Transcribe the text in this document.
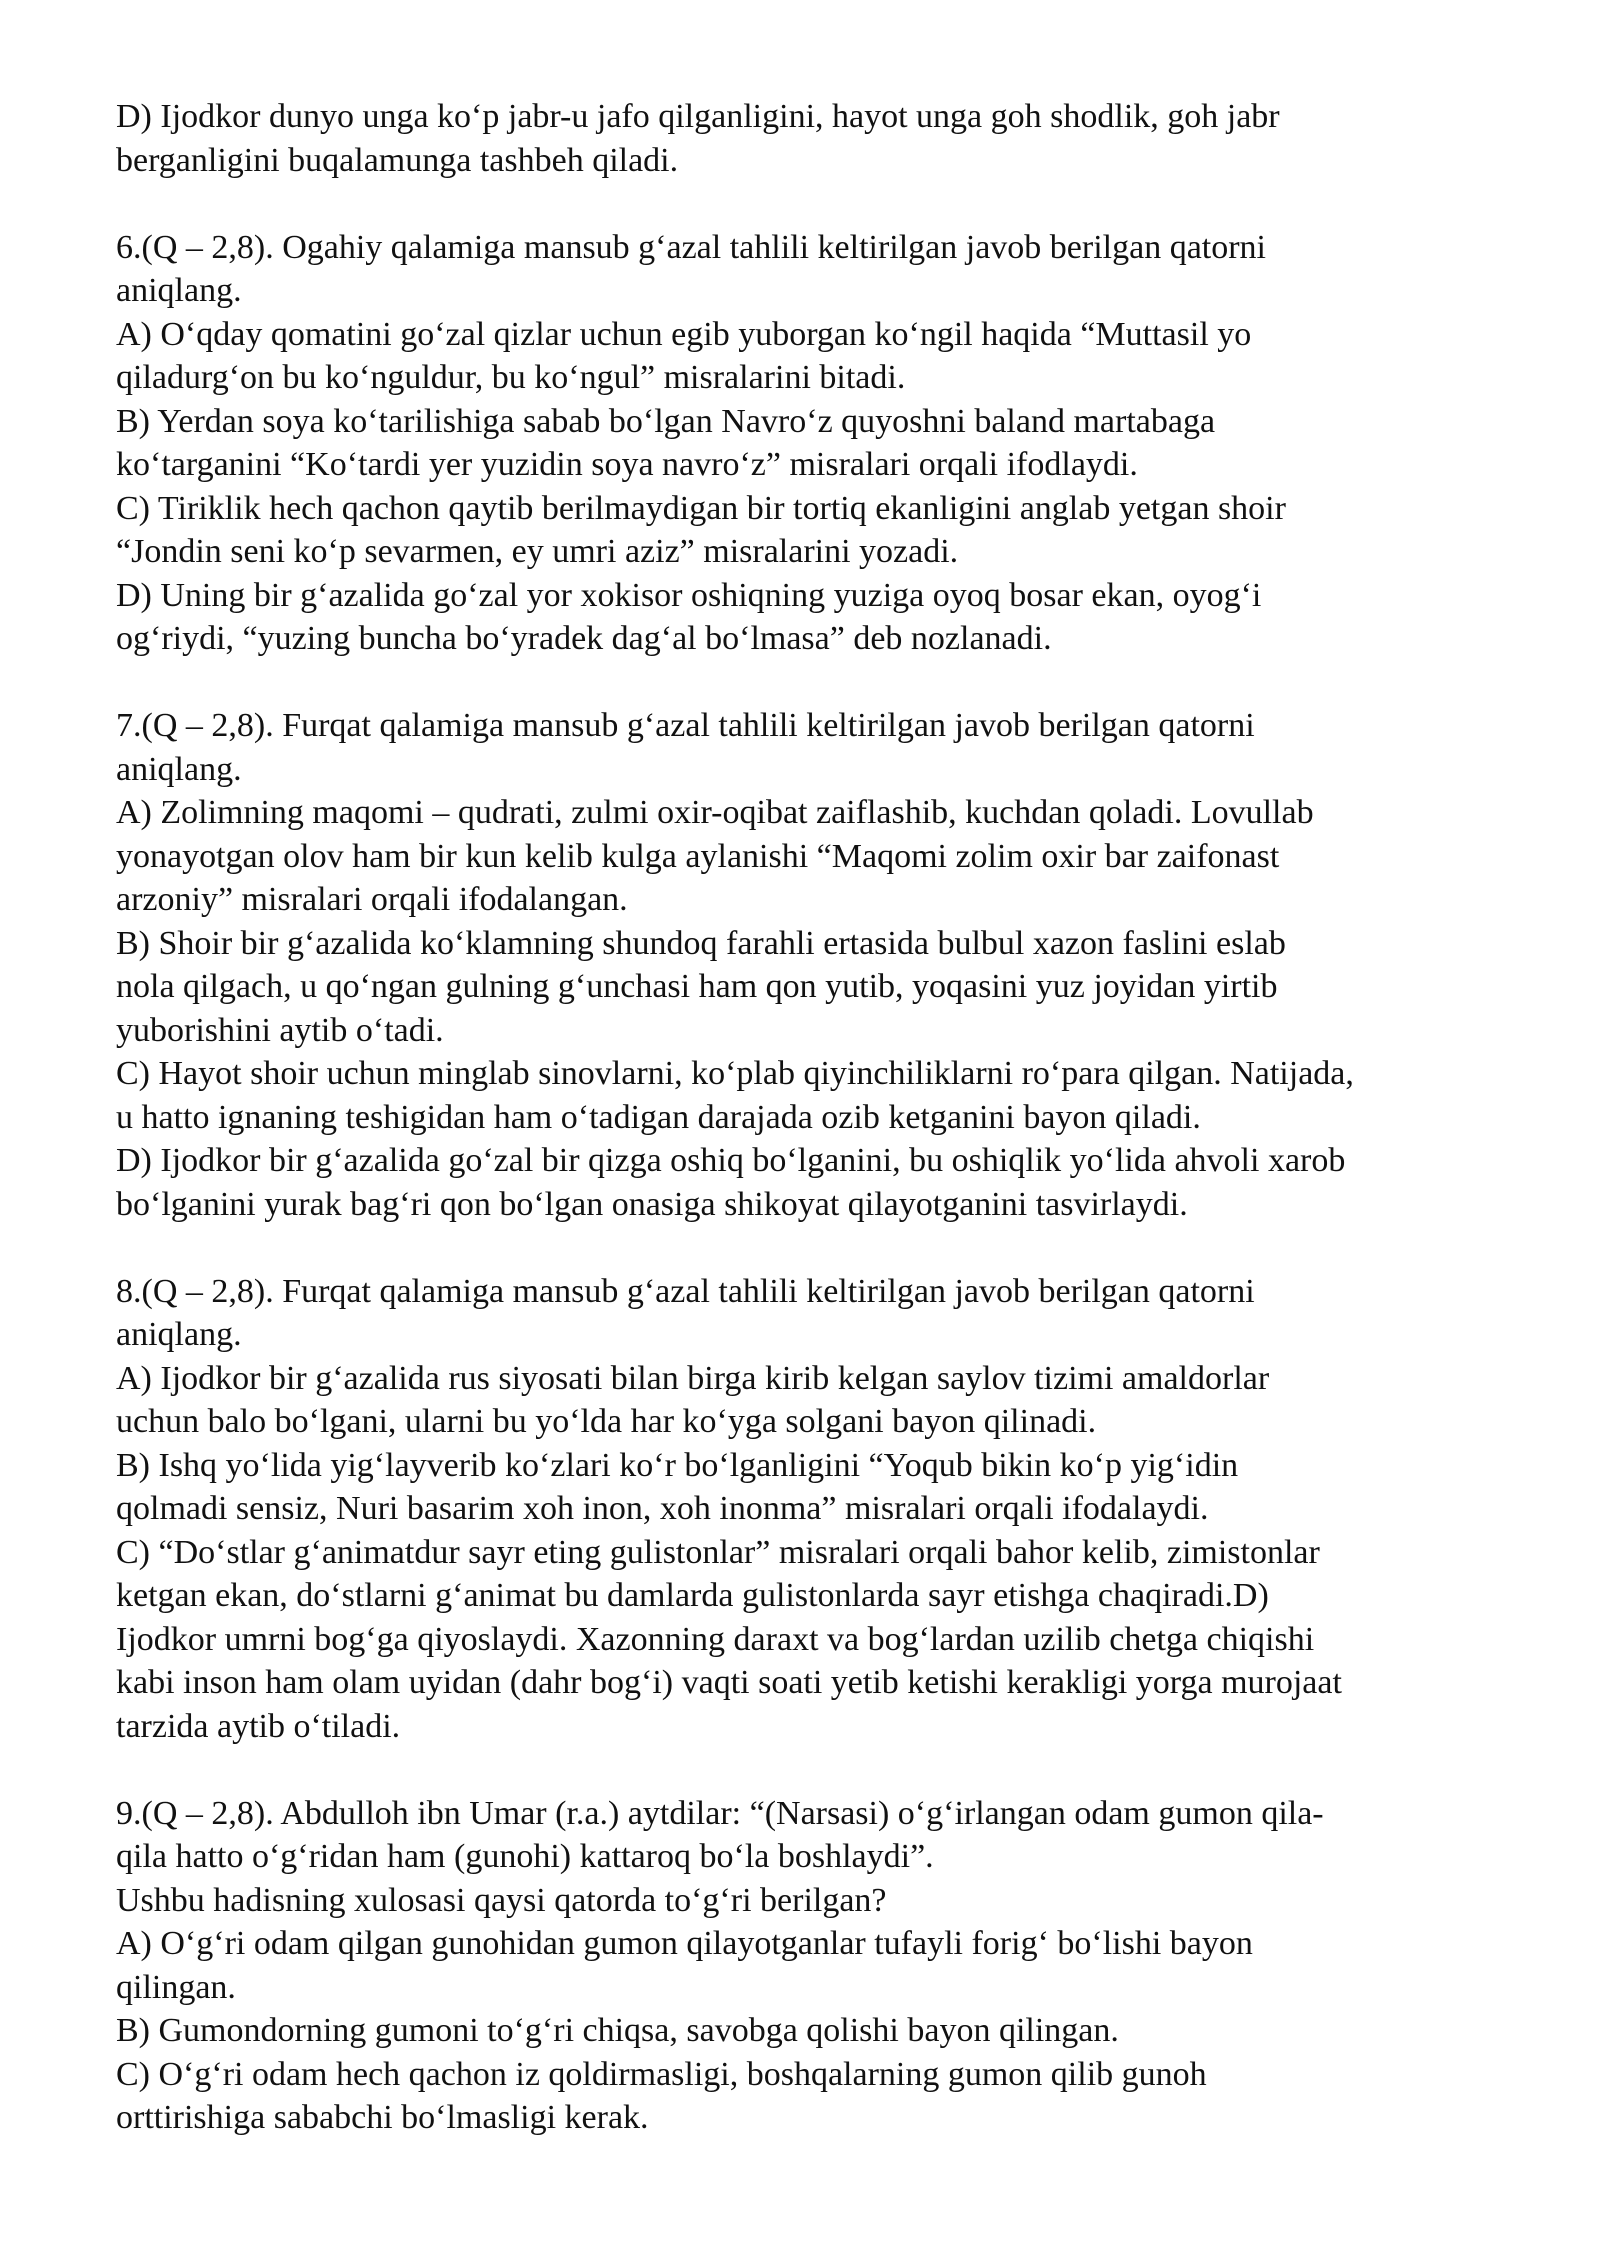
D) Ijodkor dunyo unga ko‘p jabr-u jafo qilganligini, hayot unga goh shodlik, goh jabr
berganligini buqalamunga tashbeh qiladi.

6.(Q – 2,8). Ogahiy qalamiga mansub g‘azal tahlili keltirilgan javob berilgan qatorni
aniqlang.

A) O‘qday qomatini go‘zal qizlar uchun egib yuborgan ko‘ngil haqida “Muttasil yo
qiladurg‘on bu ko‘nguldur, bu ko‘ngul” misralarini bitadi.

B) Yerdan soya ko‘tarilishiga sabab bo‘lgan Navro‘z quyoshni baland martabaga
ko‘targanini “Ko‘tardi yer yuzidin soya navro‘z” misralari orqali ifodlaydi.

C) Tiriklik hech qachon qaytib berilmaydigan bir tortiq ekanligini anglab yetgan shoir
“Jondin seni ko‘p sevarmen, ey umri aziz” misralarini yozadi.

D) Uning bir g‘azalida go‘zal yor xokisor oshiqning yuziga oyoq bosar ekan, oyog‘i
og‘riydi, “yuzing buncha bo‘yradek dag‘al bo‘lmasa” deb nozlanadi.

7.(Q – 2,8). Furqat qalamiga mansub g‘azal tahlili keltirilgan javob berilgan qatorni
aniqlang.

A) Zolimning maqomi – qudrati, zulmi oxir-oqibat zaiflashib, kuchdan qoladi. Lovullab
yonayotgan olov ham bir kun kelib kulga aylanishi “Maqomi zolim oxir bar zaifonast
arzoniy” misralari orqali ifodalangan.

B) Shoir bir g‘azalida ko‘klamning shundoq farahli ertasida bulbul xazon faslini eslab
nola qilgach, u qo‘ngan gulning g‘unchasi ham qon yutib, yoqasini yuz joyidan yirtib
yuborishini aytib o‘tadi.

C) Hayot shoir uchun minglab sinovlarni, ko‘plab qiyinchiliklarni ro‘para qilgan. Natijada,
u hatto ignaning teshigidan ham o‘tadigan darajada ozib ketganini bayon qiladi.

D) Ijodkor bir g‘azalida go‘zal bir qizga oshiq bo‘lganini, bu oshiqlik yo‘lida ahvoli xarob
bo‘lganini yurak bag‘ri qon bo‘lgan onasiga shikoyat qilayotganini tasvirlaydi.

8.(Q – 2,8). Furqat qalamiga mansub g‘azal tahlili keltirilgan javob berilgan qatorni
aniqlang.

A) Ijodkor bir g‘azalida rus siyosati bilan birga kirib kelgan saylov tizimi amaldorlar
uchun balo bo‘lgani, ularni bu yo‘lda har ko‘yga solgani bayon qilinadi.

B) Ishq yo‘lida yig‘layverib ko‘zlari ko‘r bo‘lganligini “Yoqub bikin ko‘p yig‘idin
qolmadi sensiz, Nuri basarim xoh inon, xoh inonma” misralari orqali ifodalaydi.

C) “Do‘stlar g‘animatdur sayr eting gulistonlar” misralari orqali bahor kelib, zimistonlar
ketgan ekan, do‘stlarni g‘animat bu damlarda gulistonlarda sayr etishga chaqiradi.D)
Ijodkor umrni bog‘ga qiyoslaydi. Xazonning daraxt va bog‘lardan uzilib chetga chiqishi
kabi inson ham olam uyidan (dahr bog‘i) vaqti soati yetib ketishi kerakligi yorga murojaat
tarzida aytib o‘tiladi.

9.(Q – 2,8). Abdulloh ibn Umar (r.a.) aytdilar: “(Narsasi) o‘g‘irlangan odam gumon qila-
qila hatto o‘g‘ridan ham (gunohi) kattaroq bo‘la boshlaydi”.
Ushbu hadisning xulosasi qaysi qatorda to‘g‘ri berilgan?

A) O‘g‘ri odam qilgan gunohidan gumon qilayotganlar tufayli forig‘ bo‘lishi bayon
qilingan.

B) Gumondorning gumoni to‘g‘ri chiqsa, savobga qolishi bayon qilingan.

C) O‘g‘ri odam hech qachon iz qoldirmasligi, boshqalarning gumon qilib gunoh
orttirishiga sababchi bo‘lmasligi kerak.
